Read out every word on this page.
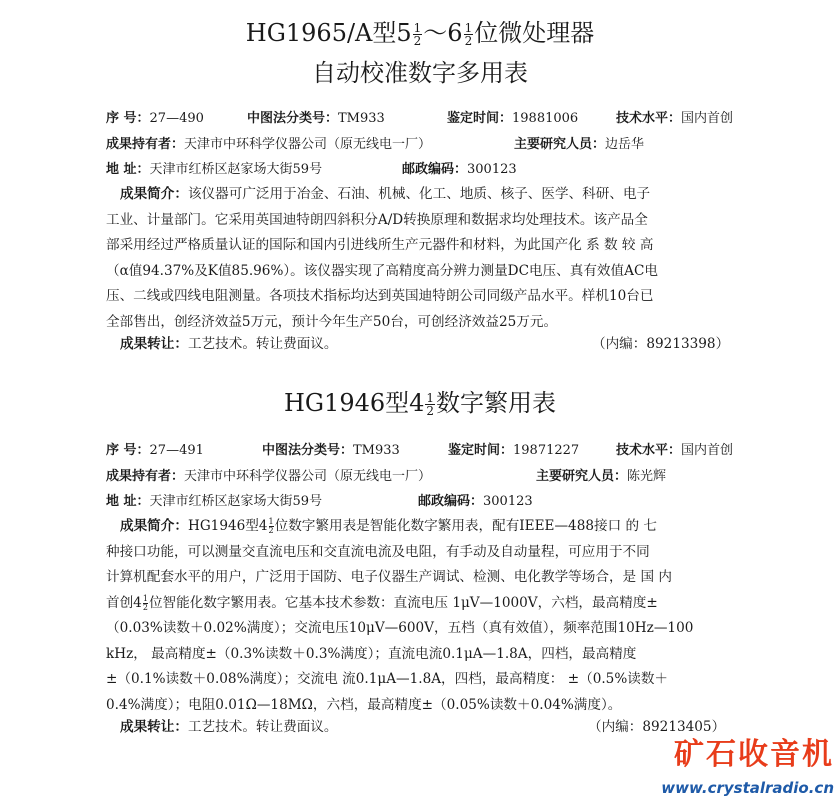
HG1965/A型$5 \frac{1}{2}$ ～6 $\frac{1}{2}$ 位微处理器
自动校准数字多用表
序 号：27—490	中图法分类号：TM933	鉴定时间：19881006	技术水平：国内首创
成果持有者：天津市中环科学仪器公司（原无线电一厂）	主要研究人员：边岳华
地 址：天津市红桥区赵家场大街59号	邮政编码：300123
成果简介：该仪器可广泛用于冶金、石油、机械、化工、地质、核子、医学、科研、电子
工业、计量部门。它采用英国迪特朗四斜积分A/D转换原理和数据求均处理技术。该产品全
部采用经过严格质量认证的国际和国内引进线所生产元器件和材料，为此国产化 系 数 较 高
（α值94.37%及K值85.96%）。该仪器实现了高精度高分辨力测量DC电压、真有效值AC电
压、二线或四线电阻测量。各项技术指标均达到英国迪特朗公司同级产品水平。样机10台已
全部售出，创经济效益5万元，预计今年生产50台，可创经济效益25万元。
成果转让：工艺技术。转让费面议。	（内编：89213398）
HG1946型$4 \frac{1}{2}$ 数字繁用表
序 号：27—491	中图法分类号：TM933	鉴定时间：19871227	技术水平：国内首创
成果持有者：天津市中环科学仪器公司（原无线电一厂）	主要研究人员：陈光辉
地 址：天津市红桥区赵家场大街59号	邮政编码：300123
成果简介：HG1946型$4 \frac{1}{2}$ 位数字繁用表是智能化数字繁用表，配有IEEE—488接口 的 七
种接口功能，可以测量交直流电压和交直流电流及电阻，有手动及自动量程，可应用于不同
计算机配套水平的用户，广泛用于国防、电子仪器生产调试、检测、电化教学等场合，是 国 内
首创$4 \frac{1}{2}$ 位智能化数字繁用表。它基本技术参数：直流电压 1μV—1000V，六档，最高精度±
（0.03%读数＋0.02%满度）；交流电压10μV—600V，五档（真有效值），频率范围10Hz—100
kHz， 最高精度±（0.3%读数＋0.3%满度）；直流电流0.1μA—1.8A，四档，最高精度
±（0.1%读数＋0.08%满度）；交流电 流0.1μA—1.8A，四档，最高精度： ±（0.5%读数＋
0.4%满度）；电阻0.01Ω—18MΩ，六档，最高精度±（0.05%读数＋0.04%满度）。
成果转让：工艺技术。转让费面议。	（内编：89213405）
矿石收音机
www.crystalradio.cn
